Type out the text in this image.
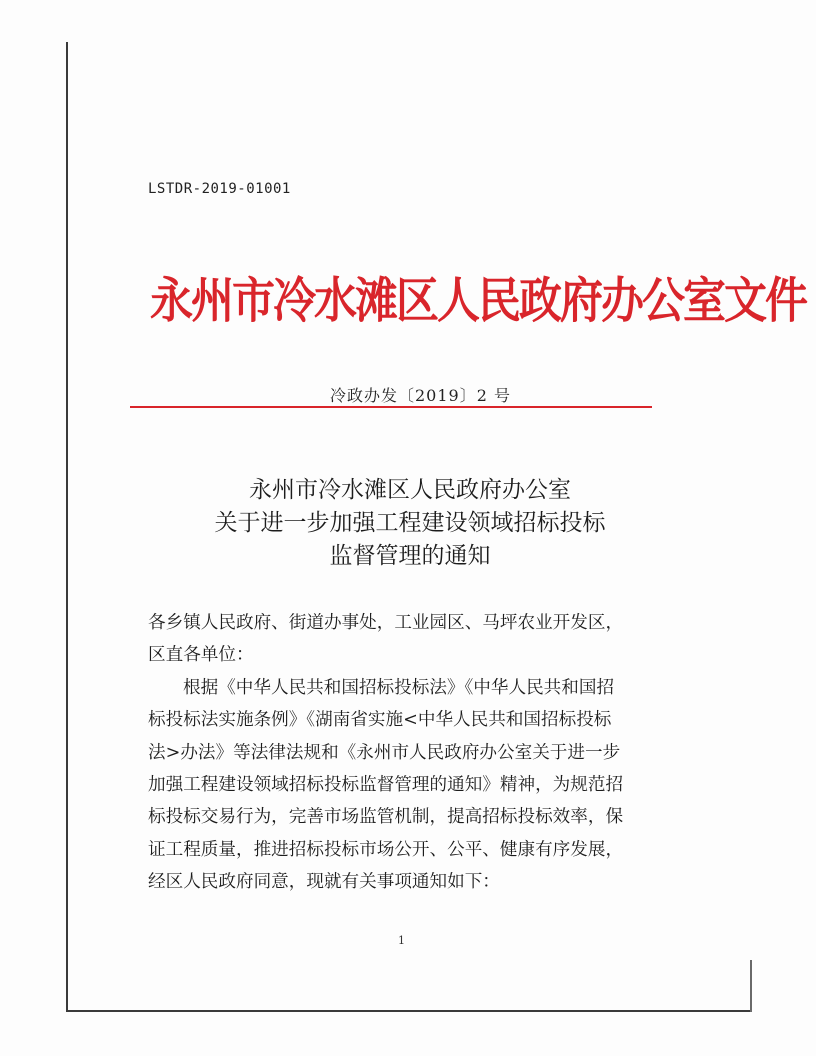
LSTDR-2019-01001
永州市冷水滩区人民政府办公室文件
冷政办发〔2019〕2 号
永州市冷水滩区人民政府办公室
关于进一步加强工程建设领域招标投标
监督管理的通知

各乡镇人民政府、街道办事处，工业园区、马坪农业开发区，
区直各单位：

根据《中华人民共和国招标投标法》《中华人民共和国招
标投标法实施条例》《湖南省实施<中华人民共和国招标投标
法>办法》等法律法规和《永州市人民政府办公室关于进一步
加强工程建设领域招标投标监督管理的通知》精神，为规范招
标投标交易行为，完善市场监管机制，提高招标投标效率，保
证工程质量，推进招标投标市场公开、公平、健康有序发展，
经区人民政府同意，现就有关事项通知如下：

1
